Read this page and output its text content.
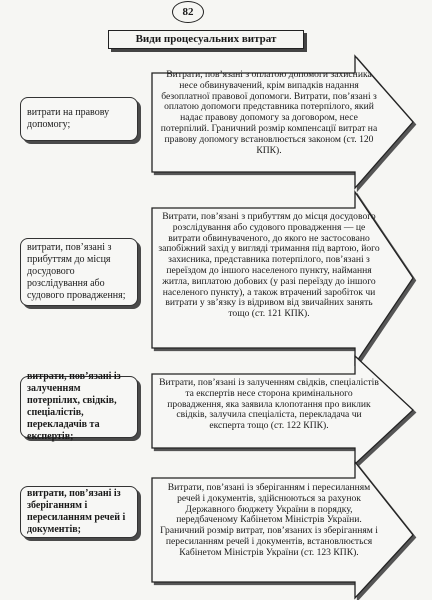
82
Види процесуальних витрат
витрати на правову допомогу;
витрати, пов’язані з прибуттям до місця досудового розслідування або судового провадження;
витрати, пов’язані із залученням потерпілих, свідків, спеціалістів, перекладачів та експертів;
витрати, пов’язані із зберіганням і пересиланням речей і документів;
Витрати, пов’язані з оплатою допомоги захисника несе обвинувачений, крім випадків надання безоплатної правової допомоги. Витрати, пов’язані з оплатою допомоги представника потерпілого, який надає правову допомогу за договором, несе потерпілий. Граничний розмір компенсації витрат на правову допомогу встановлюється законом (ст. 120 КПК).
Витрати, пов’язані з прибуттям до місця досудового розслідування або судового провадження — це витрати обвинуваченого, до якого не застосовано запобіжний захід у вигляді тримання під вартою, його захисника, представника потерпілого, пов’язані з переїздом до іншого населеного пункту, наймання житла, виплатою добових (у разі переїзду до іншого населеного пункту), а також втрачений заробіток чи витрати у зв’язку із відривом від звичайних занять тощо (ст. 121 КПК).
Витрати, пов’язані із залученням свідків, спеціалістів та експертів несе сторона кримінального провадження, яка заявила клопотання про виклик свідків, залучила спеціаліста, перекладача чи експерта тощо (ст. 122 КПК).
Витрати, пов’язані із зберіганням і пересиланням речей і документів, здійснюються за рахунок Державного бюджету України в порядку, передбаченому Кабінетом Міністрів України. Граничний розмір витрат, пов’язаних із зберіганням і пересиланням речей і документів, встановлюється Кабінетом Міністрів України (ст. 123 КПК).
